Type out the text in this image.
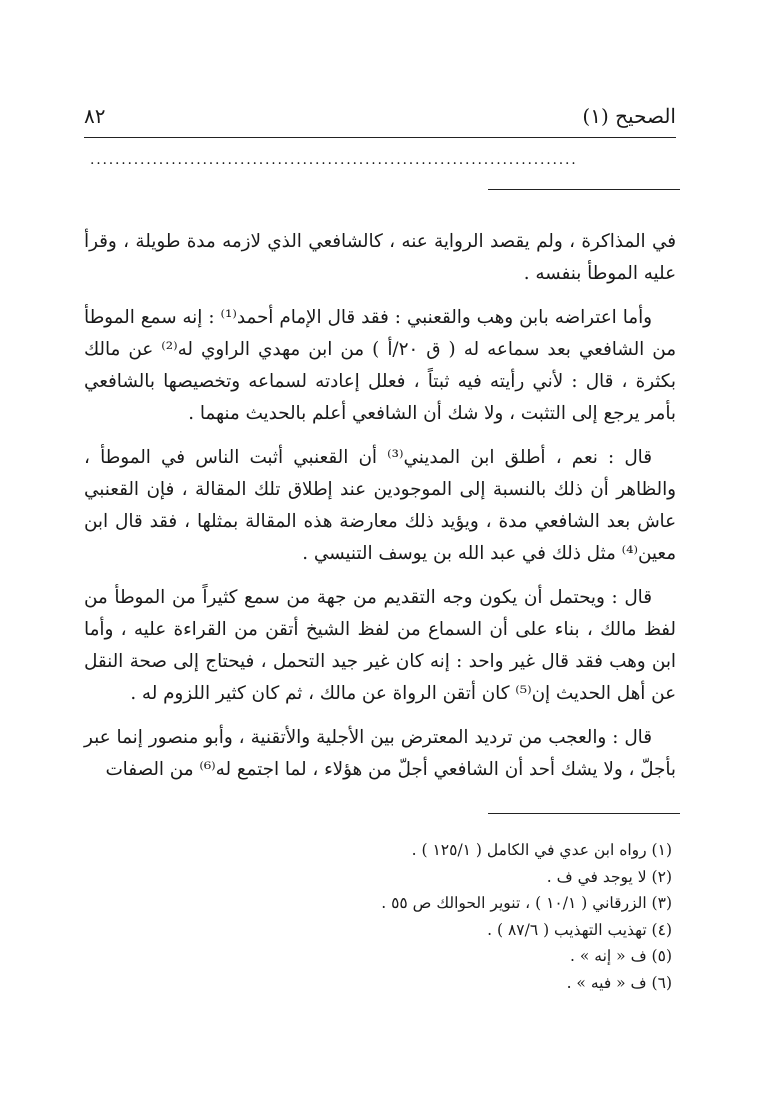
٨٢	(١) الصحيح
..............................................................................

في المذاكرة ، ولم يقصد الرواية عنه ، كالشافعي الذي لازمه مدة طويلة ، وقرأ عليه الموطأ بنفسه .

وأما اعتراضه بابن وهب والقعنبي : فقد قال الإمام أحمد⁽¹⁾ : إنه سمع الموطأ من الشافعي بعد سماعه له ( ق ٢٠/أ ) من ابن مهدي الراوي له⁽²⁾ عن مالك بكثرة ، قال : لأني رأيته فيه ثبتاً ، فعلل إعادته لسماعه وتخصيصها بالشافعي بأمر يرجع إلى التثبت ، ولا شك أن الشافعي أعلم بالحديث منهما .

قال : نعم ، أطلق ابن المديني⁽³⁾ أن القعنبي أثبت الناس في الموطأ ، والظاهر أن ذلك بالنسبة إلى الموجودين عند إطلاق تلك المقالة ، فإن القعنبي عاش بعد الشافعي مدة ، ويؤيد ذلك معارضة هذه المقالة بمثلها ، فقد قال ابن معين⁽⁴⁾ مثل ذلك في عبد الله بن يوسف التنيسي .

قال : ويحتمل أن يكون وجه التقديم من جهة من سمع كثيراً من الموطأ من لفظ مالك ، بناء على أن السماع من لفظ الشيخ أتقن من القراءة عليه ، وأما ابن وهب فقد قال غير واحد : إنه كان غير جيد التحمل ، فيحتاج إلى صحة النقل عن أهل الحديث إن⁽⁵⁾ كان أتقن الرواة عن مالك ، ثم كان كثير اللزوم له .

قال : والعجب من ترديد المعترض بين الأجلية والأتقنية ، وأبو منصور إنما عبر بأجلّ ، ولا يشك أحد أن الشافعي أجلّ من هؤلاء ، لما اجتمع له⁽⁶⁾ من الصفات

(١) رواه ابن عدي في الكامل ( ١٢٥/١ ) .
(٢) لا يوجد في ف .
(٣) الزرقاني ( ١٠/١ ) ، تنوير الحوالك ص ٥٥ .
(٤) تهذيب التهذيب ( ٨٧/٦ ) .
(٥) ف « إنه » .
(٦) ف « فيه » .
